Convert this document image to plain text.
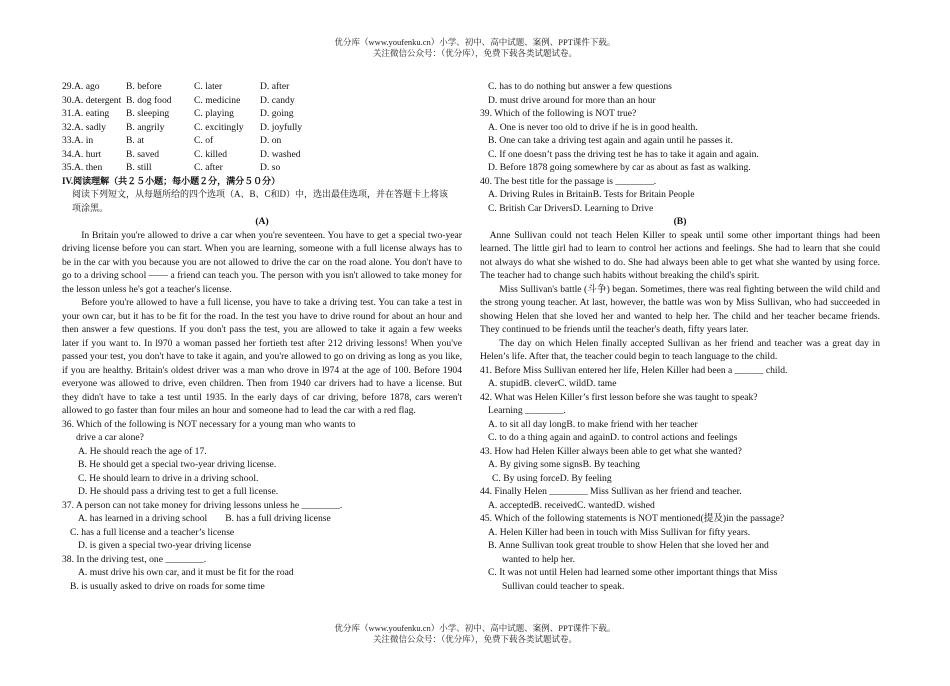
优分库（www.youfenku.cn）小学、初中、高中试题、案例、PPT课件下载。
关注微信公众号：（优分库），免费下载各类试题试卷。
29.A. ago	B. before	C. later	D. after
30.A. detergent B. dog food C. medicine D. candy
31.A. eating B. sleeping	C. playing	D. going
32.A. sadly B. angrily	C. excitingly D. joyfully
33.A. in	B. at	C. of	D. on
34.A. hurt	B. saved	C. killed	D. washed
35.A. then B. still	C. after	D. so
IV.阅读理解（共２５小题；每小题２分，满分５０分）
阅读下列短文，从每题所给的四个选项（A、B、C和D）中，选出最佳选项，并在答题卡上将该
项涂黑。
(A)

In Britain you're allowed to drive a car when you're seventeen. You have to get a special two-year driving license before you can start. When you are learning, someone with a full license always has to be in the car with you because you are not allowed to drive the car on the road alone. You don't have to go to a driving school —— a friend can teach you. The person with you isn't allowed to take money for the lesson unless he's got a teacher's license.

Before you're allowed to have a full license, you have to take a driving test. You can take a test in your own car, but it has to be fit for the road. In the test you have to drive round for about an hour and then answer a few questions. If you don't pass the test, you are allowed to take it again a few weeks later if you want to. In l970 a woman passed her fortieth test after 212 driving lessons! When you've passed your test, you don't have to take it again, and you're allowed to go on driving as long as you like, if you are healthy. Britain's oldest driver was a man who drove in l974 at the age of 100. Before 1904 everyone was allowed to drive, even children. Then from 1940 car drivers had to have a license. But they didn't have to take a test until 1935. In the early days of car driving, before 1878, cars weren't allowed to go faster than four miles an hour and someone had to lead the car with a red flag.

36. Which of the following is NOT necessary for a young man who wants to
drive a car alone?
A. He should reach the age of 17.
B. He should get a special two-year driving license.
C. He should learn to drive in a driving school.
D. He should pass a driving test to get a full license.
37. A person can not take money for driving lessons unless he ________.
A. has learned in a driving school B. has a full driving license
C. has a full license and a teacher’s license
D. is given a special two-year driving license
38. In the driving test, one ________.
A. must drive his own car, and it must be fit for the road
B. is usually asked to drive on roads for some time
C. has to do nothing but answer a few questions
D. must drive around for more than an hour
39. Which of the following is NOT true?
A. One is never too old to drive if he is in good health.
B. One can take a driving test again and again until he passes it.
C. If one doesn’t pass the driving test he has to take it again and again.
D. Before 1878 going somewhere by car as about as fast as walking.
40. The best title for the passage is ________.
A. Driving Rules in BritainB. Tests for Britain People
C. British Car DriversD. Learning to Drive
(B)

Anne Sullivan could not teach Helen Killer to speak until some other important things had been learned. The little girl had to learn to control her actions and feelings. She had to learn that she could not always do what she wished to do. She had always been able to get what she wanted by using force. The teacher had to change such habits without breaking the child's spirit.

Miss Sullivan's battle (斗争) began. Sometimes, there was real fighting between the wild child and the strong young teacher. At last, however, the battle was won by Miss Sullivan, who had succeeded in showing Helen that she loved her and wanted to help her. The child and her teacher became friends. They continued to be friends until the teacher's death, fifty years later.

The day on which Helen finally accepted Sullivan as her friend and teacher was a great day in Helen’s life. After that, the teacher could begin to teach language to the child.

41. Before Miss Sullivan entered her life, Helen Killer had been a ______ child.
A. stupidB. cleverC. wildD. tame
42. What was Helen Killer’s first lesson before she was taught to speak?
Learning ________.
A. to sit all day longB. to make friend with her teacher
C. to do a thing again and againD. to control actions and feelings
43. How had Helen Killer always been able to get what she wanted?
A. By giving some signsB. By teaching
C. By using forceD. By feeling
44. Finally Helen ________ Miss Sullivan as her friend and teacher.
A. acceptedB. receivedC. wantedD. wished
45. Which of the following statements is NOT mentioned(提及)in the passage?
A. Helen Killer had been in touch with Miss Sullivan for fifty years.
B. Anne Sullivan took great trouble to show Helen that she loved her and
wanted to help her.
C. It was not until Helen had learned some other important things that Miss
Sullivan could teacher to speak.
优分库（www.youfenku.cn）小学、初中、高中试题、案例、PPT课件下载。
关注微信公众号：（优分库），免费下载各类试题试卷。
